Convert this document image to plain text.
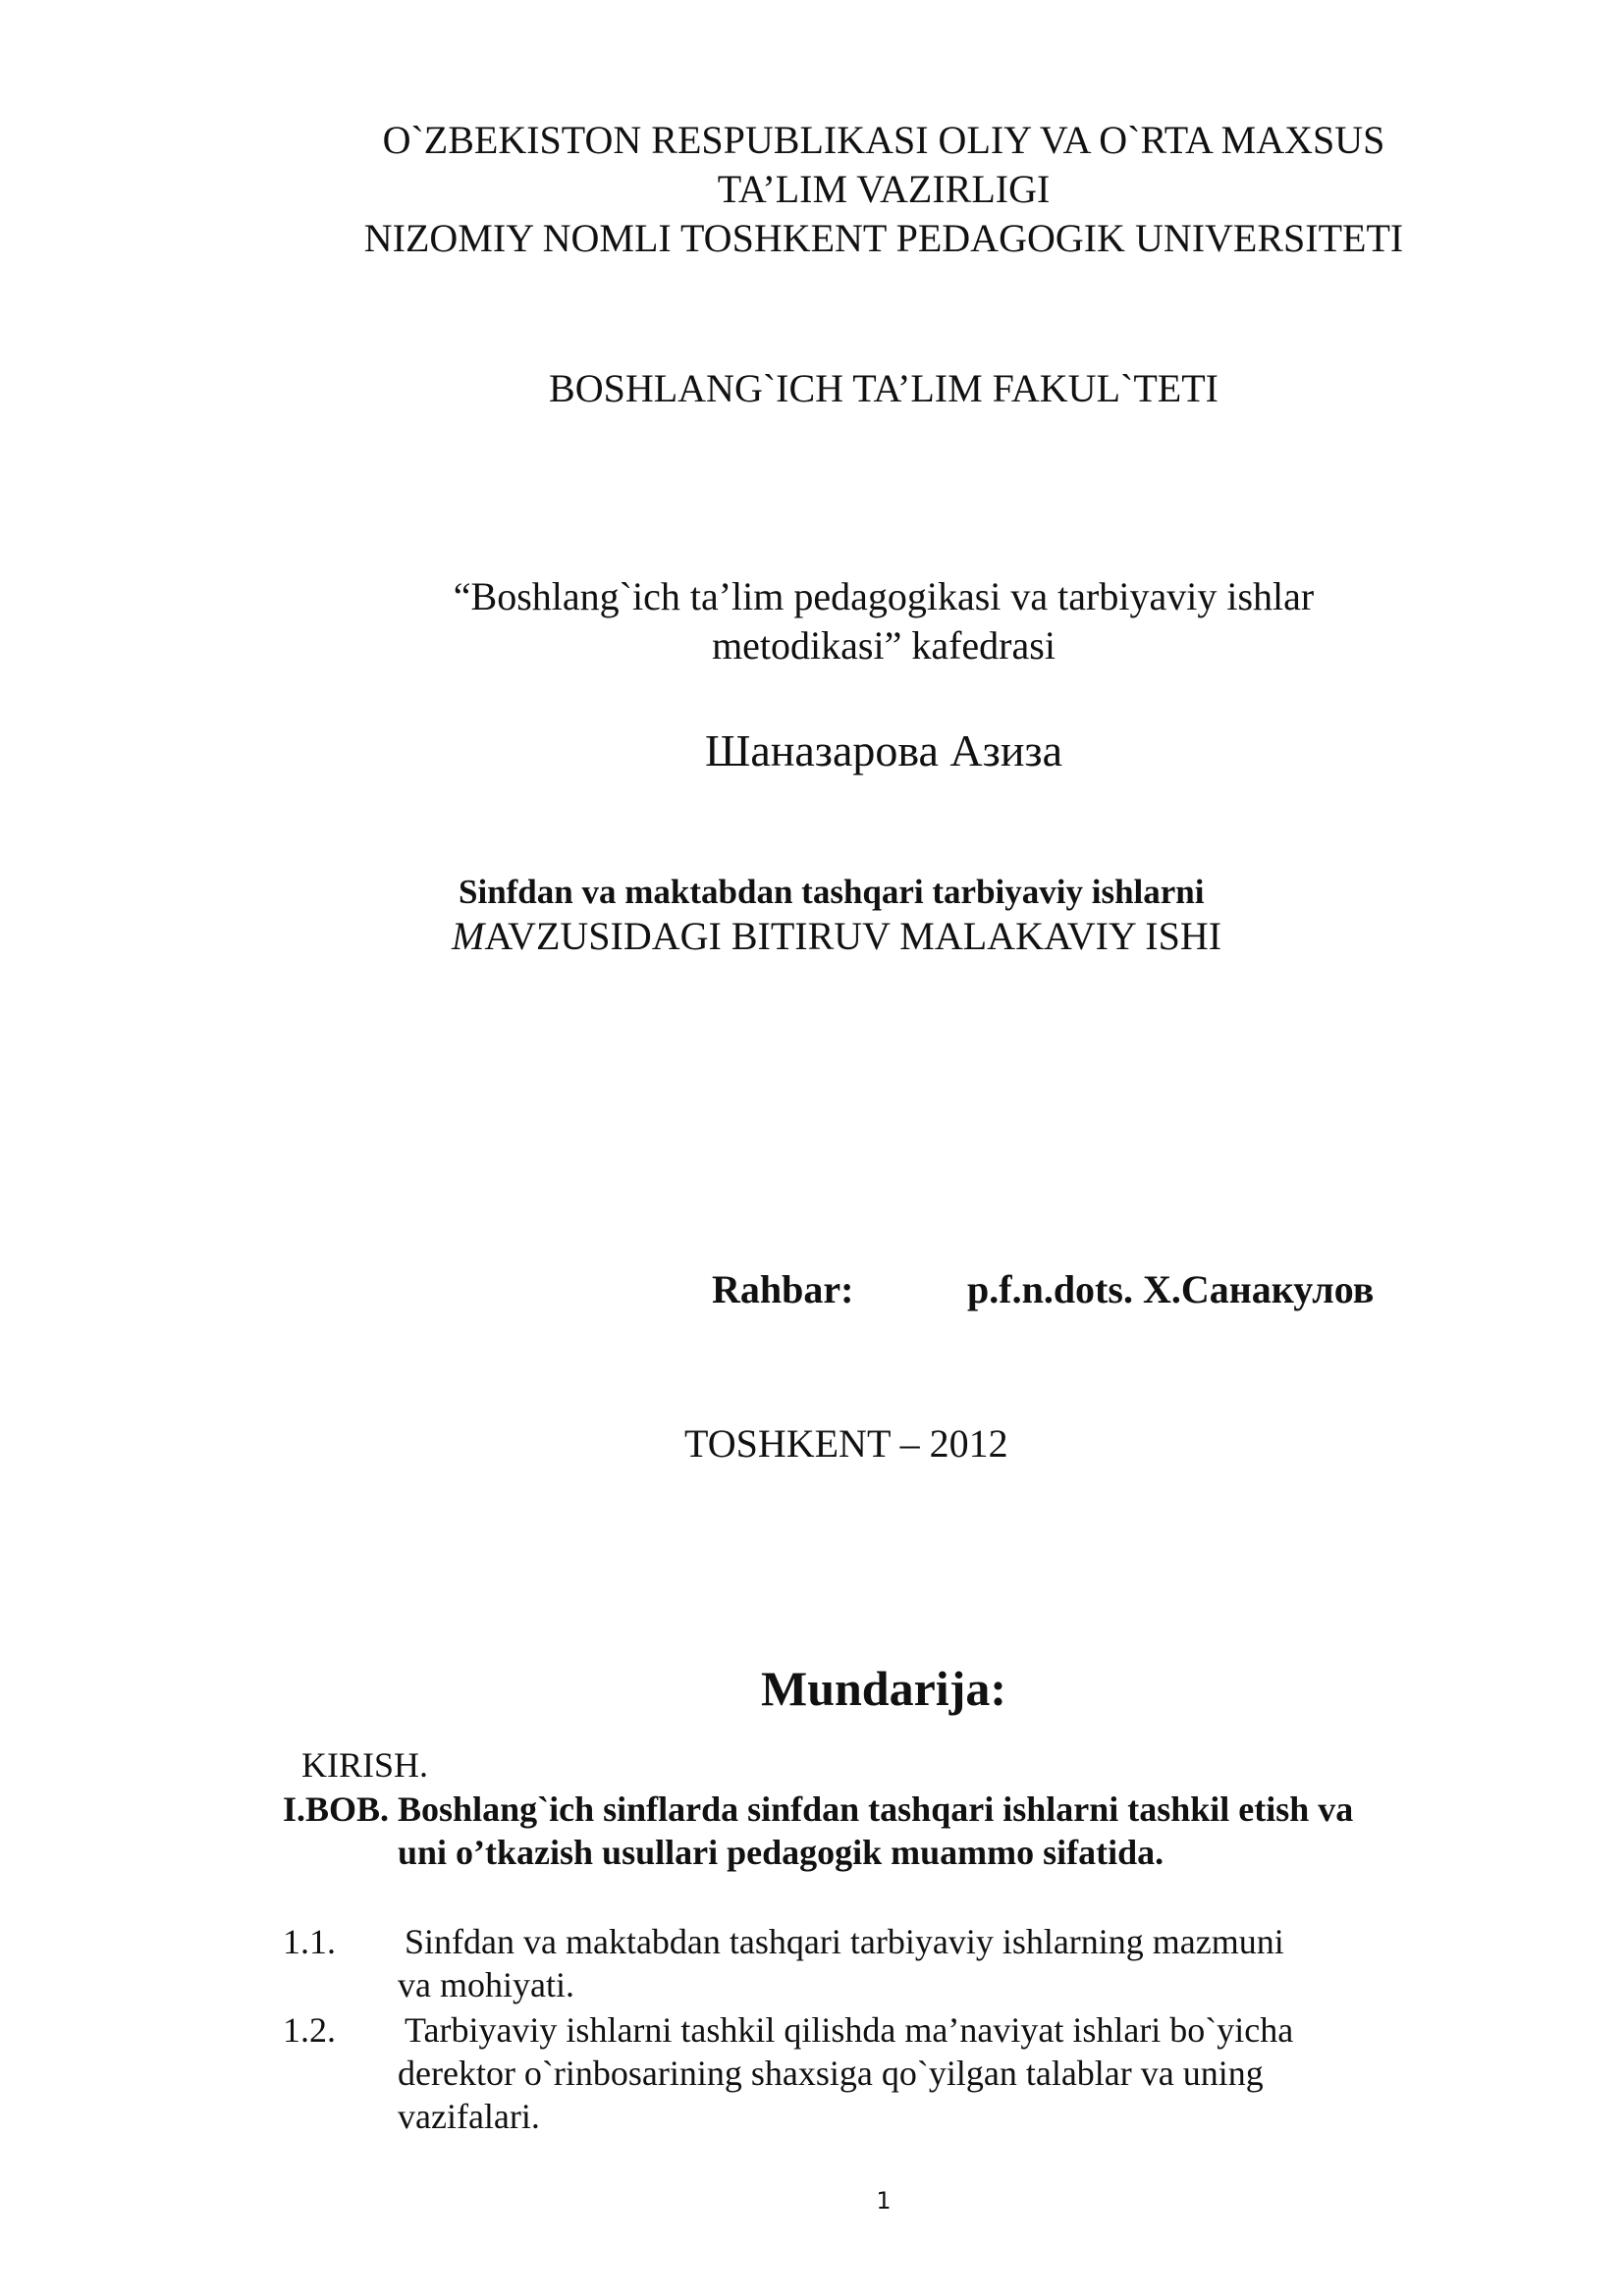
O`ZBEKISTON RESPUBLIKASI OLIY VA O`RTA MAXSUS
TA’LIM VAZIRLIGI
NIZOMIY NOMLI TOSHKENT PEDAGOGIK UNIVERSITETI
BOSHLANG`ICH TA’LIM FAKUL`TETI
“Boshlang`ich ta’lim pedagogikasi va tarbiyaviy ishlar
metodikasi” kafedrasi
Шаназарова Азиза
Sinfdan va maktabdan tashqari tarbiyaviy ishlarni
MAVZUSIDAGI BITIRUV MALAKAVIY ISHI
Rahbar:	p.f.n.dots. X.Санакулов
TOSHKENT – 2012
Mundarija:
KIRISH.
I.BOB. Boshlang`ich sinflarda sinfdan tashqari ishlarni tashkil etish va
uni o’tkazish usullari pedagogik muammo sifatida.
1.1. Sinfdan va maktabdan tashqari tarbiyaviy ishlarning mazmuni
va mohiyati.
1.2. Tarbiyaviy ishlarni tashkil qilishda ma’naviyat ishlari bo`yicha
derektor o`rinbosarining shaxsiga qo`yilgan talablar va uning
vazifalari.
1
